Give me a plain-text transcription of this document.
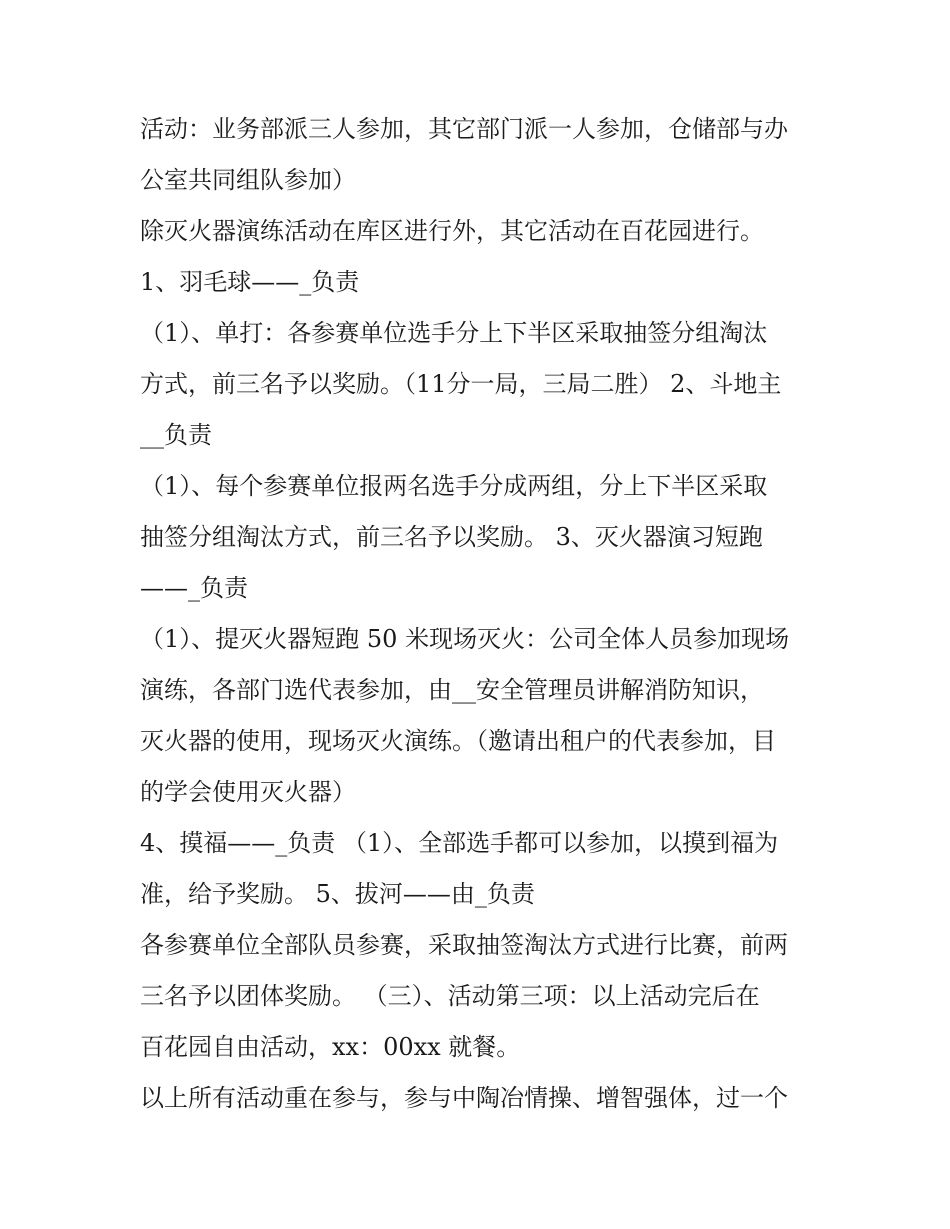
活动：业务部派三人参加，其它部门派一人参加，仓储部与办

公室共同组队参加）

除灭火器演练活动在库区进行外，其它活动在百花园进行。

1、羽毛球——_负责

（1）、单打：各参赛单位选手分上下半区采取抽签分组淘汰

方式，前三名予以奖励。（11分一局，三局二胜） 2、斗地主

__负责

（1）、每个参赛单位报两名选手分成两组，分上下半区采取

抽签分组淘汰方式，前三名予以奖励。 3、灭火器演习短跑

——_负责

（1）、提灭火器短跑 50 米现场灭火：公司全体人员参加现场

演练，各部门选代表参加，由__安全管理员讲解消防知识，

灭火器的使用，现场灭火演练。（邀请出租户的代表参加，目

的学会使用灭火器）

4、摸福——_负责 （1）、全部选手都可以参加，以摸到福为

准，给予奖励。 5、拔河——由_负责

各参赛单位全部队员参赛，采取抽签淘汰方式进行比赛，前两

三名予以团体奖励。 （三）、活动第三项：以上活动完后在

百花园自由活动，xx：00xx 就餐。

以上所有活动重在参与，参与中陶冶情操、增智强体，过一个
